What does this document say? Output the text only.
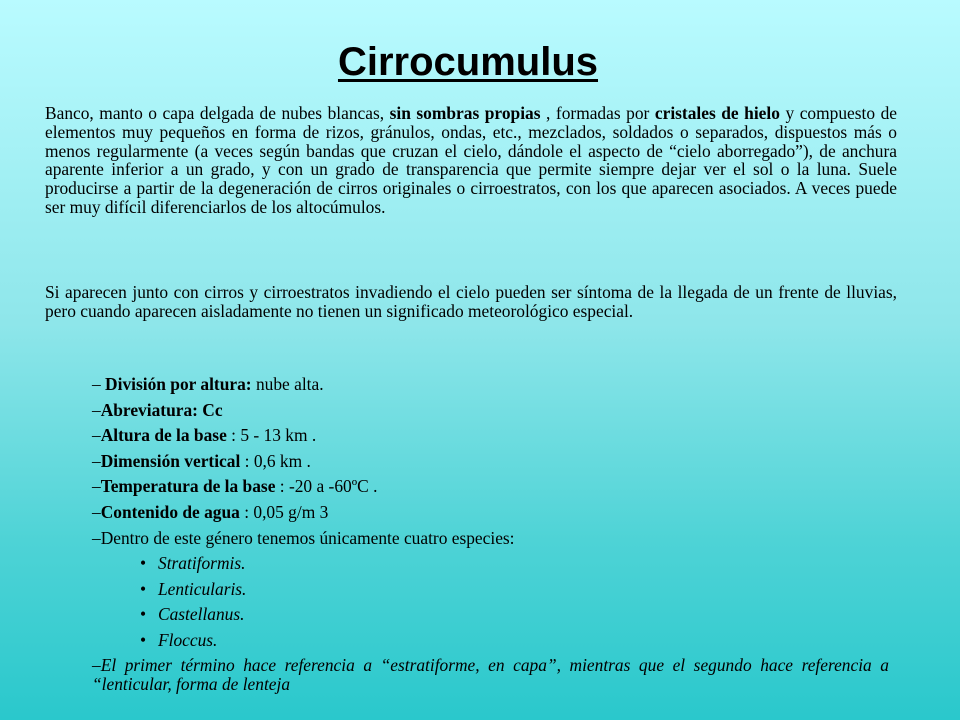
Cirrocumulus

Banco, manto o capa delgada de nubes blancas, sin sombras propias , formadas por cristales de hielo y compuesto de elementos muy pequeños en forma de rizos, gránulos, ondas, etc., mezclados, soldados o separados, dispuestos más o menos regularmente (a veces según bandas que cruzan el cielo, dándole el aspecto de “cielo aborregado”), de anchura aparente inferior a un grado, y con un grado de transparencia que permite siempre dejar ver el sol o la luna. Suele producirse a partir de la degeneración de cirros originales o cirroestratos, con los que aparecen asociados. A veces puede ser muy difícil diferenciarlos de los altocúmulos.

Si aparecen junto con cirros y cirroestratos invadiendo el cielo pueden ser síntoma de la llegada de un frente de lluvias, pero cuando aparecen aisladamente no tienen un significado meteorológico especial.

– División por altura: nube alta.
–Abreviatura: Cc
–Altura de la base : 5 - 13 km .
–Dimensión vertical : 0,6 km .
–Temperatura de la base : -20 a -60ºC .
–Contenido de agua : 0,05 g/m 3
–Dentro de este género tenemos únicamente cuatro especies:
• Stratiformis.
• Lenticularis.
• Castellanus.
• Floccus.

–El primer término hace referencia a “estratiforme, en capa”, mientras que el segundo hace referencia a “lenticular, forma de lenteja
